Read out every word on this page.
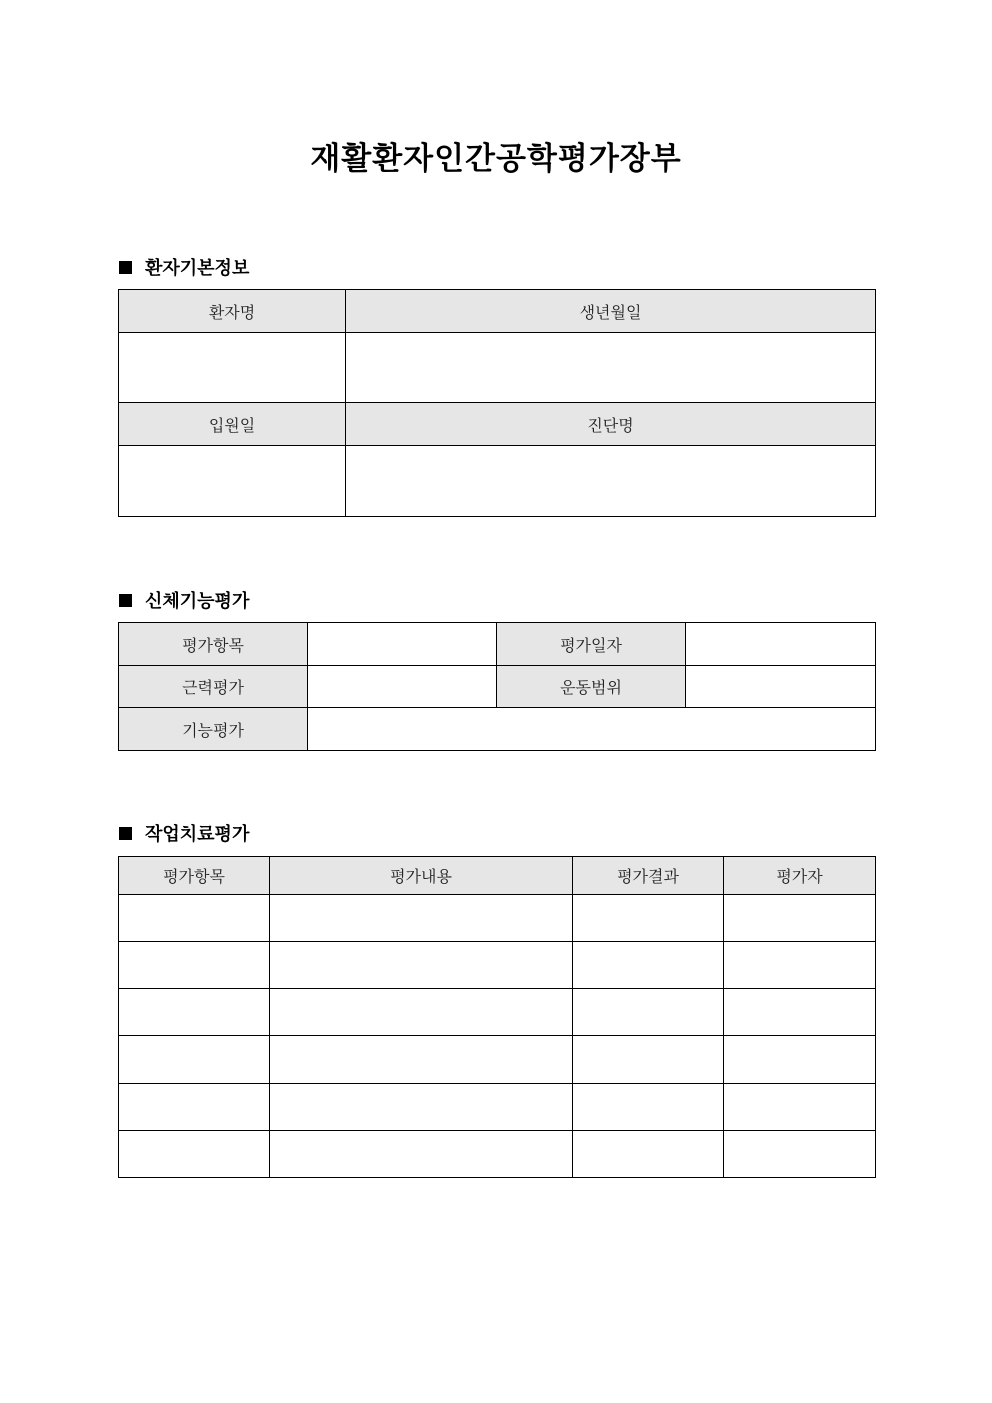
재활환자인간공학평가장부
환자기본정보
환자명	생년월일

입원일	진단명

신체기능평가
평가항목		평가일자	
근력평가		운동범위	
기능평가			
작업치료평가
평가항목	평가내용	평가결과	평가자
